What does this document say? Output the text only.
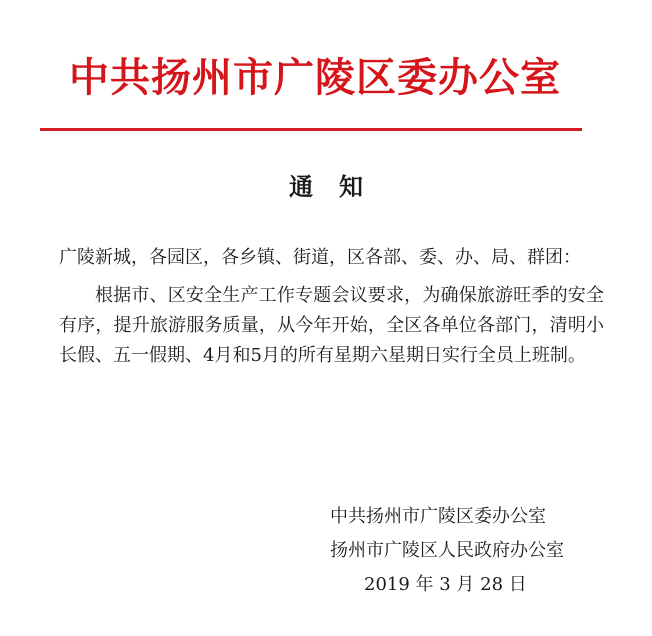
中共扬州市广陵区委办公室
通知
广陵新城，各园区，各乡镇、街道，区各部、委、办、局、群团：
根据市、区安全生产工作专题会议要求，为确保旅游旺季的安全有序，提升旅游服务质量，从今年开始，全区各单位各部门，清明小长假、五一假期、4月和5月的所有星期六星期日实行全员上班制。
中共扬州市广陵区委办公室
扬州市广陵区人民政府办公室
2019 年 3 月 28 日
